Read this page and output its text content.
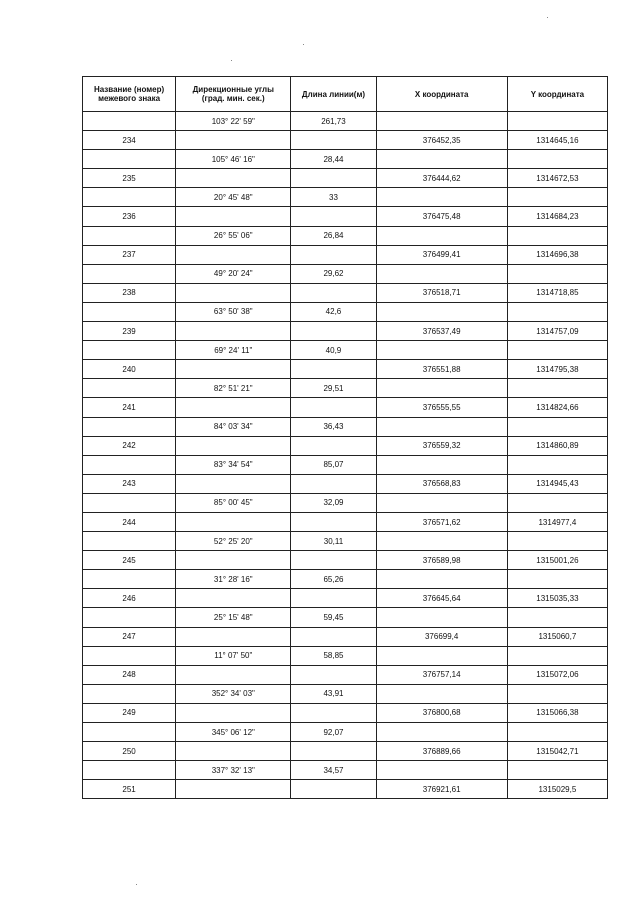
Название (номер)
межевого знака	Дирекционные углы
(град. мин. сек.)	Длина линии(м)	X координата	Y координата

	103° 22' 59"	261,73		
234			376452,35	1314645,16
	105° 46' 16"	28,44		
235			376444,62	1314672,53
	20° 45' 48"	33		
236			376475,48	1314684,23
	26° 55' 06"	26,84		
237			376499,41	1314696,38
	49° 20' 24"	29,62		
238			376518,71	1314718,85
	63° 50' 38"	42,6		
239			376537,49	1314757,09
	69° 24' 11"	40,9		
240			376551,88	1314795,38
	82° 51' 21"	29,51		
241			376555,55	1314824,66
	84° 03' 34"	36,43		
242			376559,32	1314860,89
	83° 34' 54"	85,07		
243			376568,83	1314945,43
	85° 00' 45"	32,09		
244			376571,62	1314977,4
	52° 25' 20"	30,11		
245			376589,98	1315001,26
	31° 28' 16"	65,26		
246			376645,64	1315035,33
	25° 15' 48"	59,45		
247			376699,4	1315060,7
	11° 07' 50"	58,85		
248			376757,14	1315072,06
	352° 34' 03"	43,91		
249			376800,68	1315066,38
	345° 06' 12"	92,07		
250			376889,66	1315042,71
	337° 32' 13"	34,57		
251			376921,61	1315029,5
